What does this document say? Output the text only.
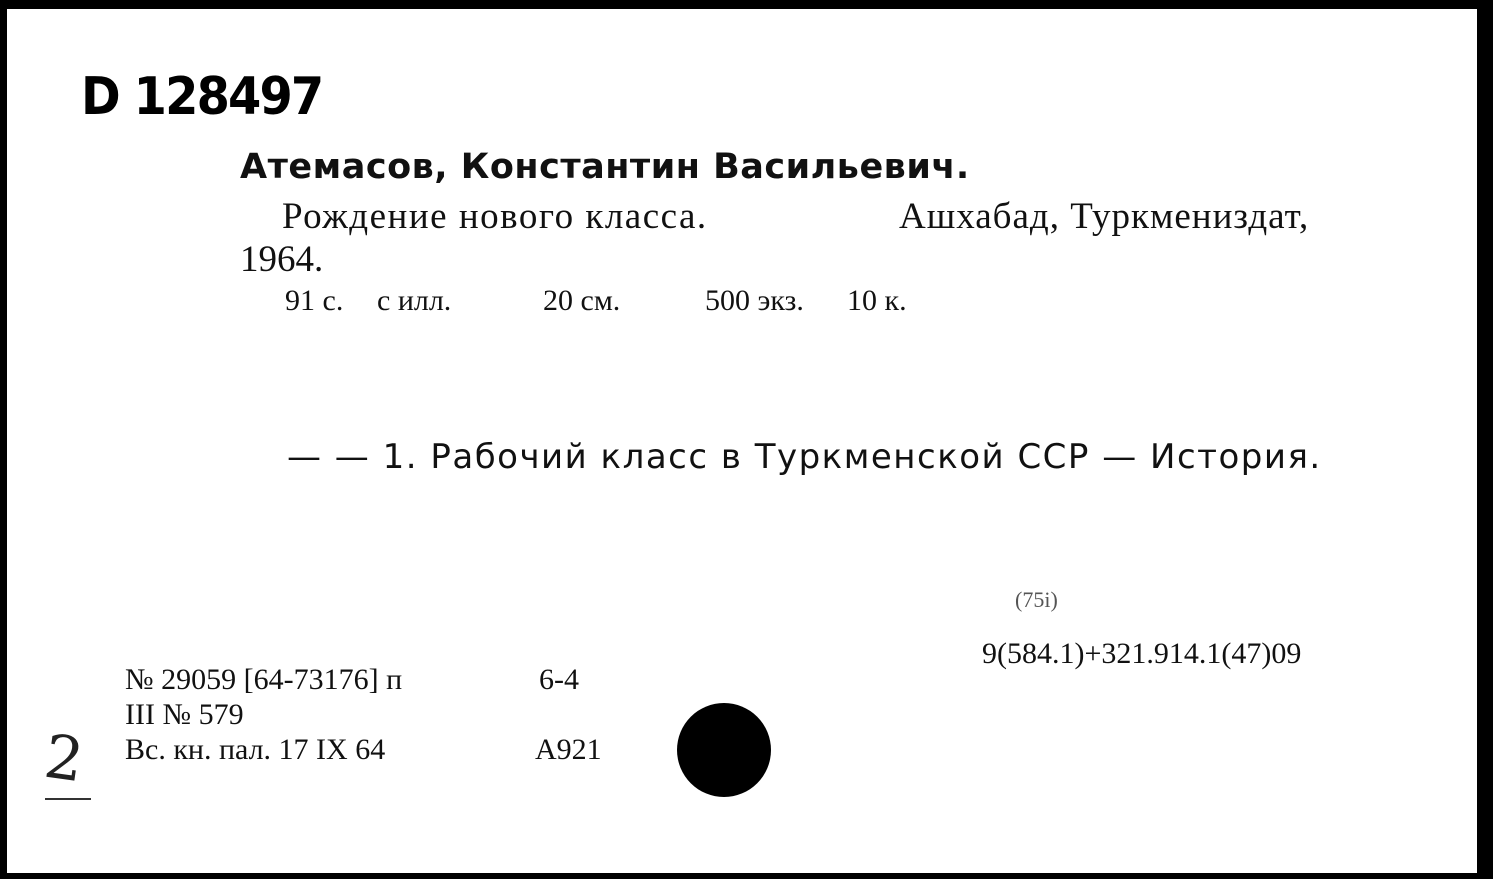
D 128497
Атемасов, Константин Васильевич.
Рождение нового класса.	Ашхабад, Туркмениздат,
1964.
91 с. с илл.	20 см.	500 экз. 10 к.
— — 1. Рабочий класс в Туркменской ССР — История.
(75i)
9(584.1)+321.914.1(47)09
№ 29059 [64-73176] п	6-4
III № 579
Вс. кн. пал. 17 IX 64	А921
2
